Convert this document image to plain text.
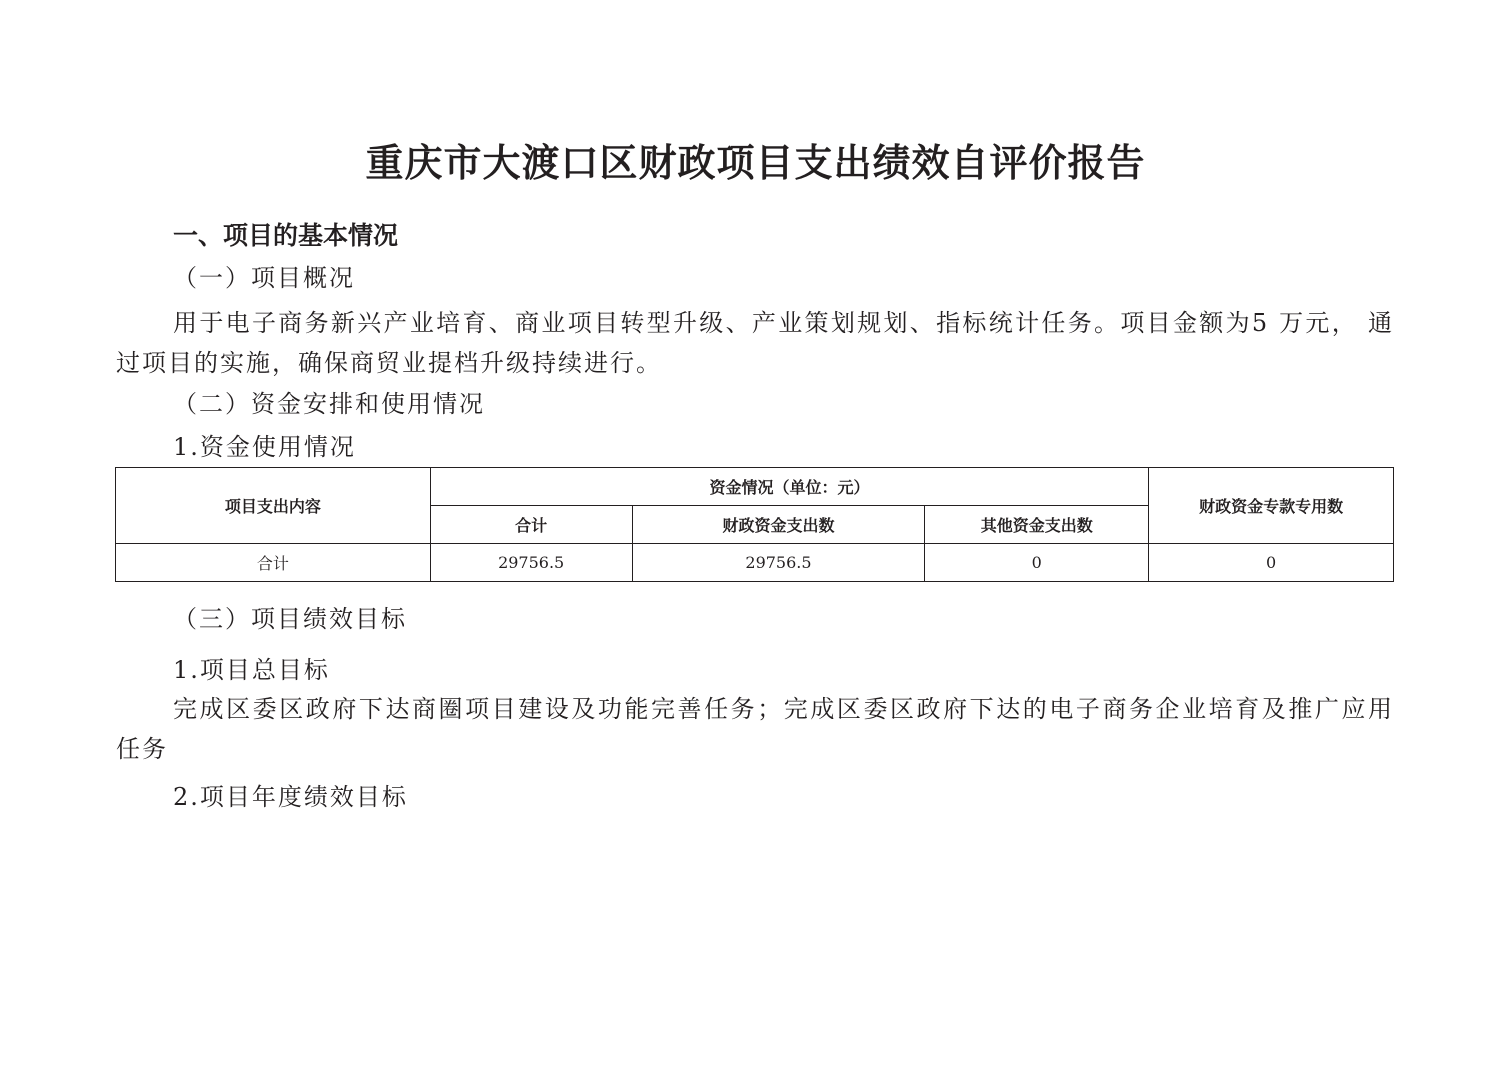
重庆市大渡口区财政项目支出绩效自评价报告
一、项目的基本情况
（一）项目概况
用于电子商务新兴产业培育、商业项目转型升级、产业策划规划、指标统计任务。项目金额为5 万元， 通过项目的实施，确保商贸业提档升级持续进行。
（二）资金安排和使用情况
1.资金使用情况
项目支出内容	资金情况（单位：元）			财政资金专款专用数
	合计	财政资金支出数	其他资金支出数	
合计	29756.5	29756.5	0	0
（三）项目绩效目标
1.项目总目标
完成区委区政府下达商圈项目建设及功能完善任务；完成区委区政府下达的电子商务企业培育及推广应用任务
2.项目年度绩效目标
